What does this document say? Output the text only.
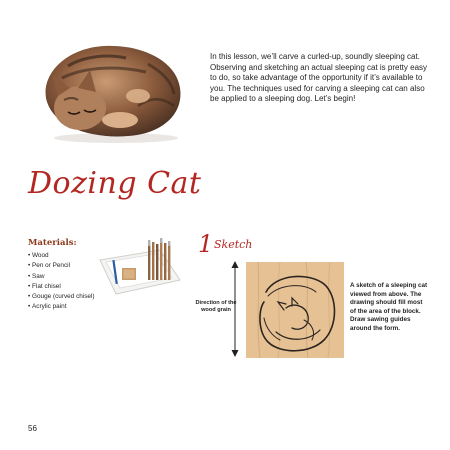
In this lesson, we’ll carve a curled-up, soundly sleeping cat. Observing and sketching an actual sleeping cat is pretty easy to do, so take advantage of the opportunity if it’s available to you. The techniques used for carving a sleeping cat can also be applied to a sleeping dog. Let’s begin!

Dozing Cat
Materials:
• Wood
• Pen or Pencil
• Saw
• Flat chisel
• Gouge (curved chisel)
• Acrylic paint
1 Sketch
Direction of the wood grain
A sketch of a sleeping cat viewed from above. The drawing should fill most of the area of the block. Draw sawing guides around the form.
56
